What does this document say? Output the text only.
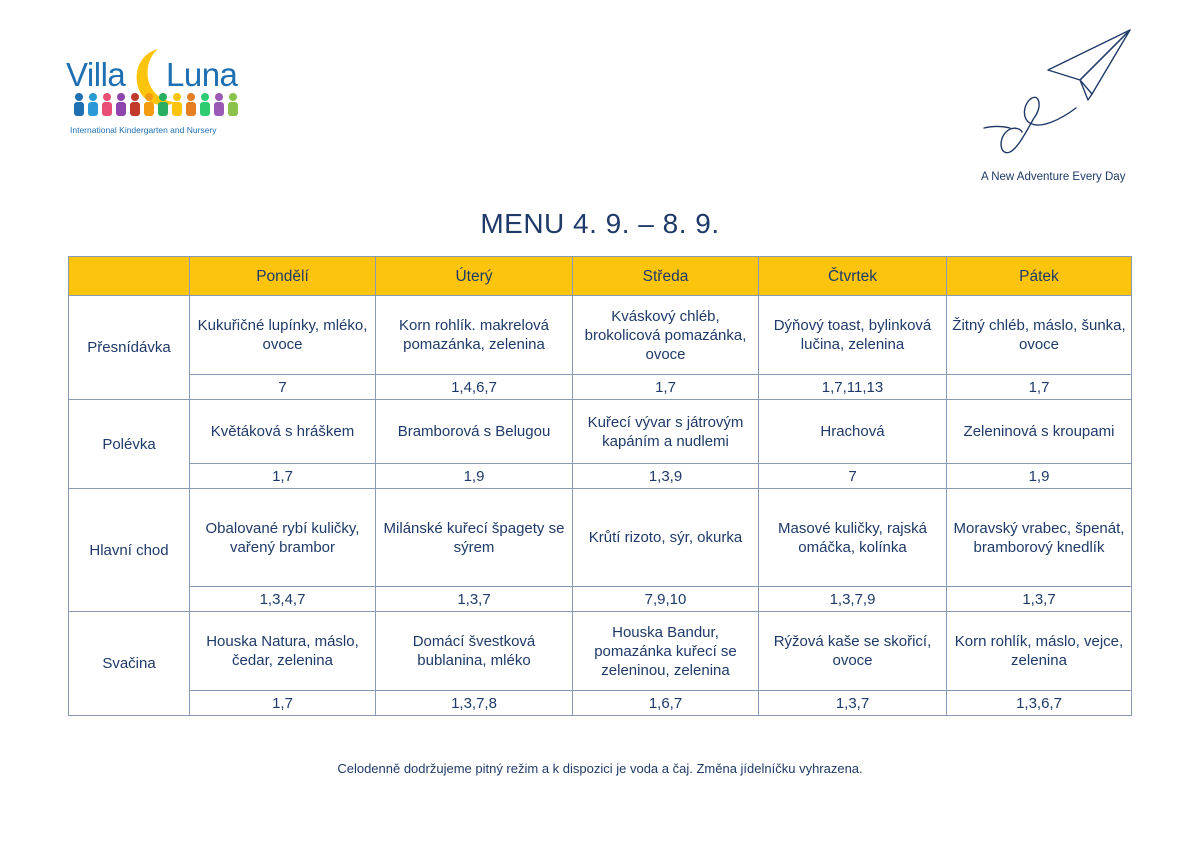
Villa Luna
International Kindergarten and Nursery
A New Adventure Every Day
MENU 4. 9. – 8. 9.
	Pondělí	Úterý	Středa	Čtvrtek	Pátek
Přesnídávka	Kukuřičné lupínky, mléko, ovoce	Korn rohlík. makrelová pomazánka, zelenina	Kváskový chléb, brokolicová pomazánka, ovoce	Dýňový toast, bylinková lučina, zelenina	Žitný chléb, máslo, šunka, ovoce
	7	1,4,6,7	1,7	1,7,11,13	1,7
Polévka	Květáková s hráškem	Bramborová s Belugou	Kuřecí vývar s játrovým kapáním a nudlemi	Hrachová	Zeleninová s kroupami
	1,7	1,9	1,3,9	7	1,9
Hlavní chod	Obalované rybí kuličky, vařený brambor	Milánské kuřecí špagety se sýrem	Krůtí rizoto, sýr, okurka	Masové kuličky, rajská omáčka, kolínka	Moravský vrabec, špenát, bramborový knedlík
	1,3,4,7	1,3,7	7,9,10	1,3,7,9	1,3,7
Svačina	Houska Natura, máslo, čedar, zelenina	Domácí švestková bublanina, mléko	Houska Bandur, pomazánka kuřecí se zeleninou, zelenina	Rýžová kaše se skořicí, ovoce	Korn rohlík, máslo, vejce, zelenina
	1,7	1,3,7,8	1,6,7	1,3,7	1,3,6,7
Celodenně dodržujeme pitný režim a k dispozici je voda a čaj. Změna jídelníčku vyhrazena.
